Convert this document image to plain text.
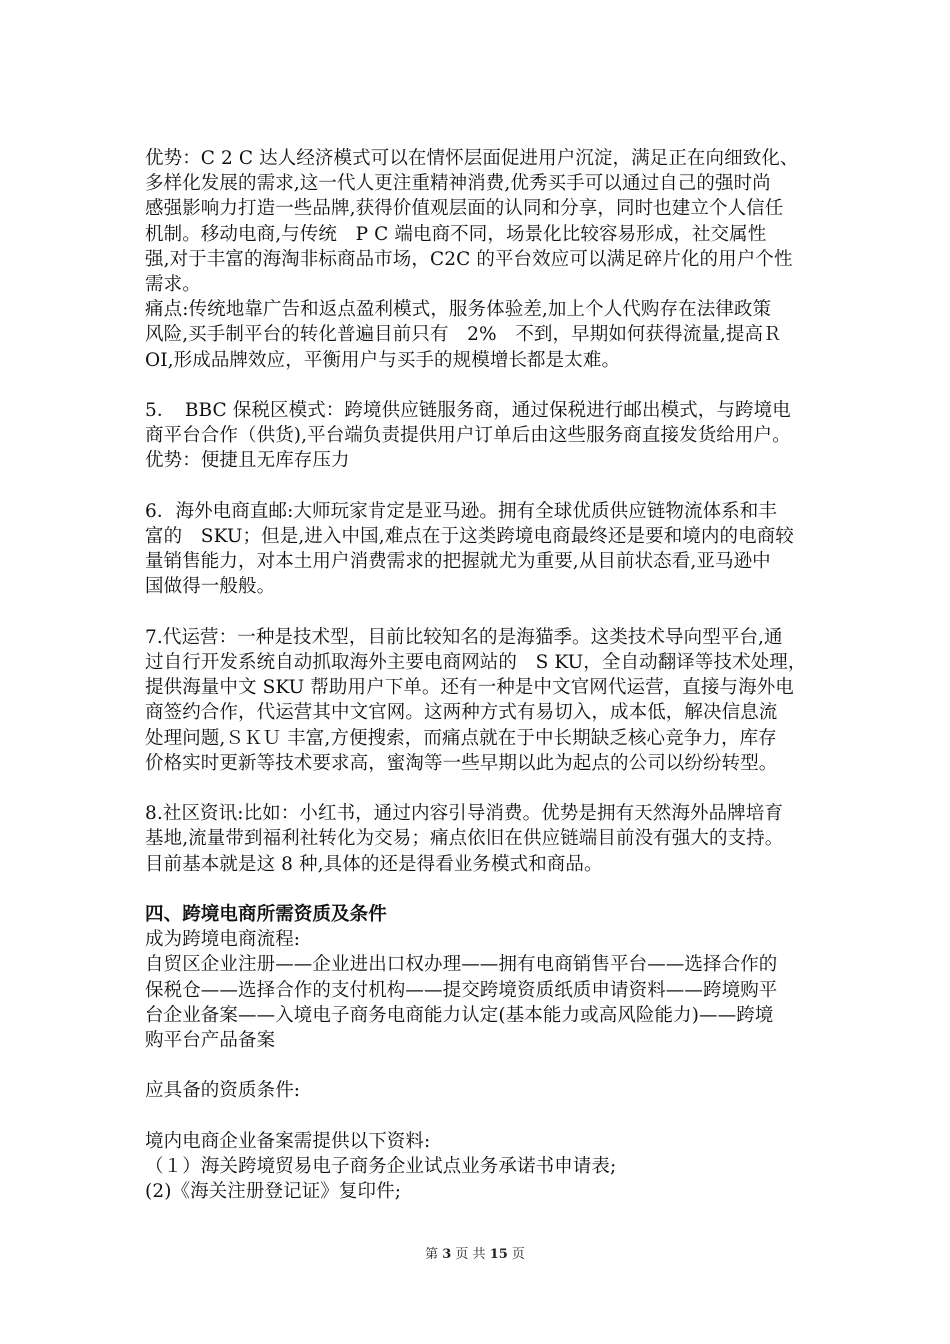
优势：C 2 C 达人经济模式可以在情怀层面促进用户沉淀，满足正在向细致化、
多样化发展的需求,这一代人更注重精神消费,优秀买手可以通过自己的强时尚
感强影响力打造一些品牌,获得价值观层面的认同和分享，同时也建立个人信任
机制。移动电商,与传统　P C 端电商不同，场景化比较容易形成，社交属性
强,对于丰富的海淘非标商品市场，C2C 的平台效应可以满足碎片化的用户个性
需求。
痛点:传统地靠广告和返点盈利模式，服务体验差,加上个人代购存在法律政策
风险,买手制平台的转化普遍目前只有　2%　不到，早期如何获得流量,提高Ｒ
OI,形成品牌效应，平衡用户与买手的规模增长都是太难。
5．　BBC 保税区模式：跨境供应链服务商，通过保税进行邮出模式，与跨境电
商平台合作（供货),平台端负责提供用户订单后由这些服务商直接发货给用户。
优势：便捷且无库存压力
6．海外电商直邮:大师玩家肯定是亚马逊。拥有全球优质供应链物流体系和丰
富的　SKU；但是,进入中国,难点在于这类跨境电商最终还是要和境内的电商较
量销售能力，对本土用户消费需求的把握就尤为重要,从目前状态看,亚马逊中
国做得一般般。
7.代运营：一种是技术型，目前比较知名的是海猫季。这类技术导向型平台,通
过自行开发系统自动抓取海外主要电商网站的　S KU，全自动翻译等技术处理，
提供海量中文 SKU 帮助用户下单。还有一种是中文官网代运营，直接与海外电
商签约合作，代运营其中文官网。这两种方式有易切入，成本低，解决信息流
处理问题,ＳＫＵ 丰富,方便搜索，而痛点就在于中长期缺乏核心竞争力，库存
价格实时更新等技术要求高，蜜淘等一些早期以此为起点的公司以纷纷转型。
8.社区资讯:比如：小红书，通过内容引导消费。优势是拥有天然海外品牌培育
基地,流量带到福利社转化为交易；痛点依旧在供应链端目前没有强大的支持。
目前基本就是这 8 种,具体的还是得看业务模式和商品。
四、跨境电商所需资质及条件
成为跨境电商流程:
自贸区企业注册——企业进出口权办理——拥有电商销售平台——选择合作的
保税仓——选择合作的支付机构——提交跨境资质纸质申请资料——跨境购平
台企业备案——入境电子商务电商能力认定(基本能力或高风险能力)——跨境
购平台产品备案
应具备的资质条件:
境内电商企业备案需提供以下资料:
（１）海关跨境贸易电子商务企业试点业务承诺书申请表;
(2)《海关注册登记证》复印件;
第 3 页 共 15 页
